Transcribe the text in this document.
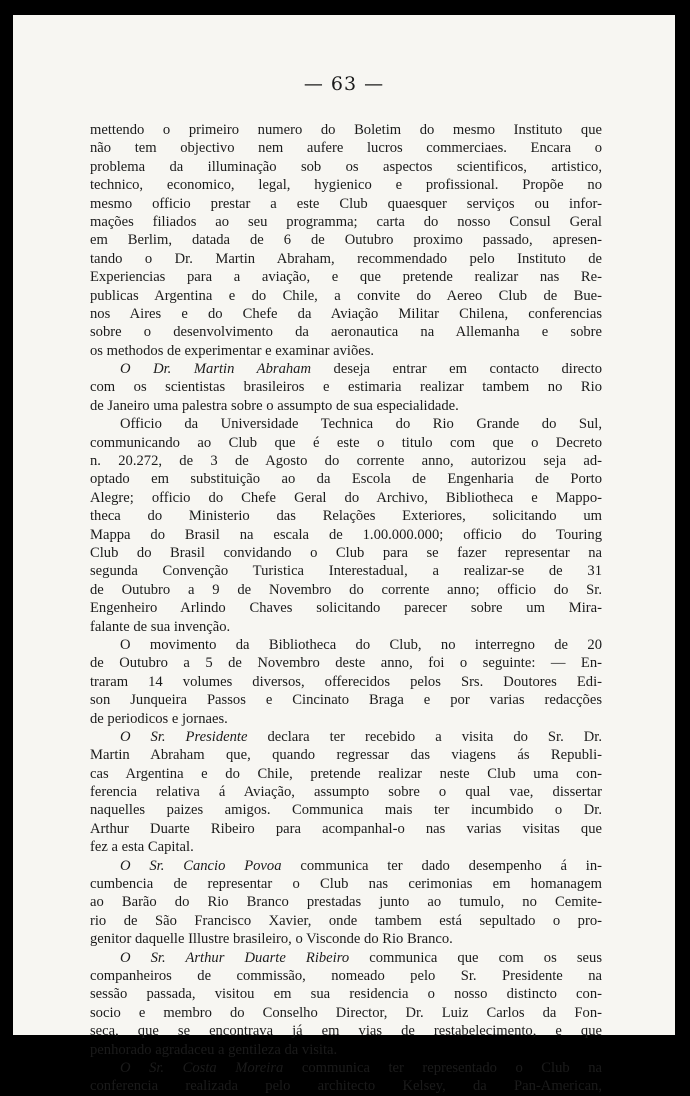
— 63 —
mettendo o primeiro numero do Boletim do mesmo Instituto que
não tem objectivo nem aufere lucros commerciaes. Encara o
problema da illuminação sob os aspectos scientificos, artistico,
technico, economico, legal, hygienico e profissional. Propõe no
mesmo officio prestar a este Club quaesquer serviços ou infor-
mações filiados ao seu programma; carta do nosso Consul Geral
em Berlim, datada de 6 de Outubro proximo passado, apresen-
tando o Dr. Martin Abraham, recommendado pelo Instituto de
Experiencias para a aviação, e que pretende realizar nas Re-
publicas Argentina e do Chile, a convite do Aereo Club de Bue-
nos Aires e do Chefe da Aviação Militar Chilena, conferencias
sobre o desenvolvimento da aeronautica na Allemanha e sobre
os methodos de experimentar e examinar aviões.
O Dr. Martin Abraham deseja entrar em contacto directo
com os scientistas brasileiros e estimaria realizar tambem no Rio
de Janeiro uma palestra sobre o assumpto de sua especialidade.
Officio da Universidade Technica do Rio Grande do Sul,
communicando ao Club que é este o titulo com que o Decreto
n. 20.272, de 3 de Agosto do corrente anno, autorizou seja ad-
optado em substituição ao da Escola de Engenharia de Porto
Alegre; officio do Chefe Geral do Archivo, Bibliotheca e Mappo-
theca do Ministerio das Relações Exteriores, solicitando um
Mappa do Brasil na escala de 1.00.000.000; officio do Touring
Club do Brasil convidando o Club para se fazer representar na
segunda Convenção Turistica Interestadual, a realizar-se de 31
de Outubro a 9 de Novembro do corrente anno; officio do Sr.
Engenheiro Arlindo Chaves solicitando parecer sobre um Mira-
falante de sua invenção.
O movimento da Bibliotheca do Club, no interregno de 20
de Outubro a 5 de Novembro deste anno, foi o seguinte: — En-
traram 14 volumes diversos, offerecidos pelos Srs. Doutores Edi-
son Junqueira Passos e Cincinato Braga e por varias redacções
de periodicos e jornaes.
O Sr. Presidente declara ter recebido a visita do Sr. Dr.
Martin Abraham que, quando regressar das viagens ás Republi-
cas Argentina e do Chile, pretende realizar neste Club uma con-
ferencia relativa á Aviação, assumpto sobre o qual vae, dissertar
naquelles paizes amigos. Communica mais ter incumbido o Dr.
Arthur Duarte Ribeiro para acompanhal-o nas varias visitas que
fez a esta Capital.
O Sr. Cancio Povoa communica ter dado desempenho á in-
cumbencia de representar o Club nas cerimonias em homanagem
ao Barão do Rio Branco prestadas junto ao tumulo, no Cemite-
rio de São Francisco Xavier, onde tambem está sepultado o pro-
genitor daquelle Illustre brasileiro, o Visconde do Rio Branco.
O Sr. Arthur Duarte Ribeiro communica que com os seus
companheiros de commissão, nomeado pelo Sr. Presidente na
sessão passada, visitou em sua residencia o nosso distincto con-
socio e membro do Conselho Director, Dr. Luiz Carlos da Fon-
seca, que se encontrava já em vias de restabelecimento, e que
penhorado agradaceu a gentileza da visita.
O Sr. Costa Moreira communica ter representado o Club na
conferencia realizada pelo architecto Kelsey, da Pan-American,
